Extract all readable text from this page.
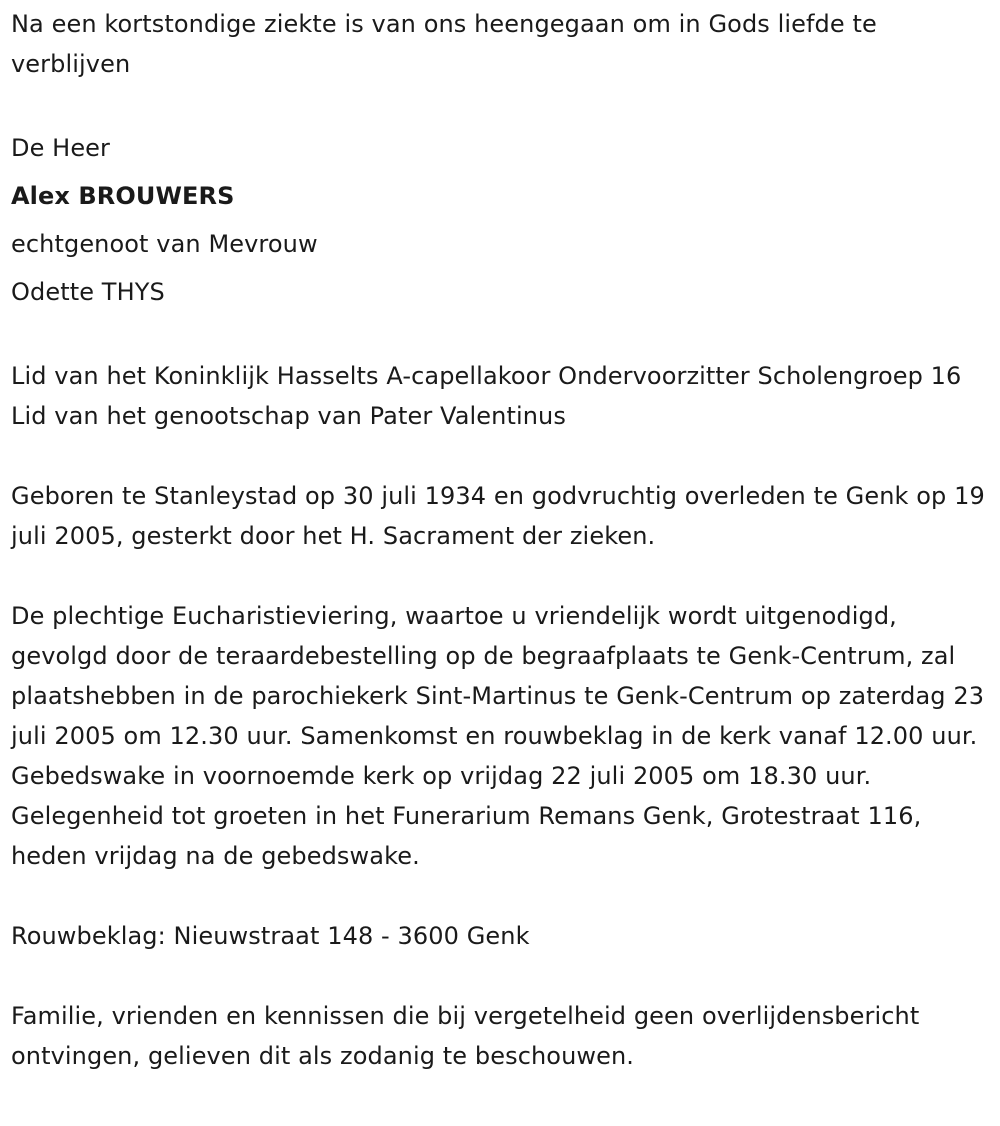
Na een kortstondige ziekte is van ons heengegaan om in Gods liefde te verblijven

De Heer

Alex BROUWERS

echtgenoot van Mevrouw

Odette THYS

Lid van het Koninklijk Hasselts A-capellakoor Ondervoorzitter Scholengroep 16 Lid van het genootschap van Pater Valentinus

Geboren te Stanleystad op 30 juli 1934 en godvruchtig overleden te Genk op 19 juli 2005, gesterkt door het H. Sacrament der zieken.

De plechtige Eucharistieviering, waartoe u vriendelijk wordt uitgenodigd, gevolgd door de teraardebestelling op de begraafplaats te Genk-Centrum, zal plaatshebben in de parochiekerk Sint-Martinus te Genk-Centrum op zaterdag 23 juli 2005 om 12.30 uur. Samenkomst en rouwbeklag in de kerk vanaf 12.00 uur. Gebedswake in voornoemde kerk op vrijdag 22 juli 2005 om 18.30 uur. Gelegenheid tot groeten in het Funerarium Remans Genk, Grotestraat 116, heden vrijdag na de gebedswake.

Rouwbeklag: Nieuwstraat 148 - 3600 Genk

Familie, vrienden en kennissen die bij vergetelheid geen overlijdensbericht ontvingen, gelieven dit als zodanig te beschouwen.
